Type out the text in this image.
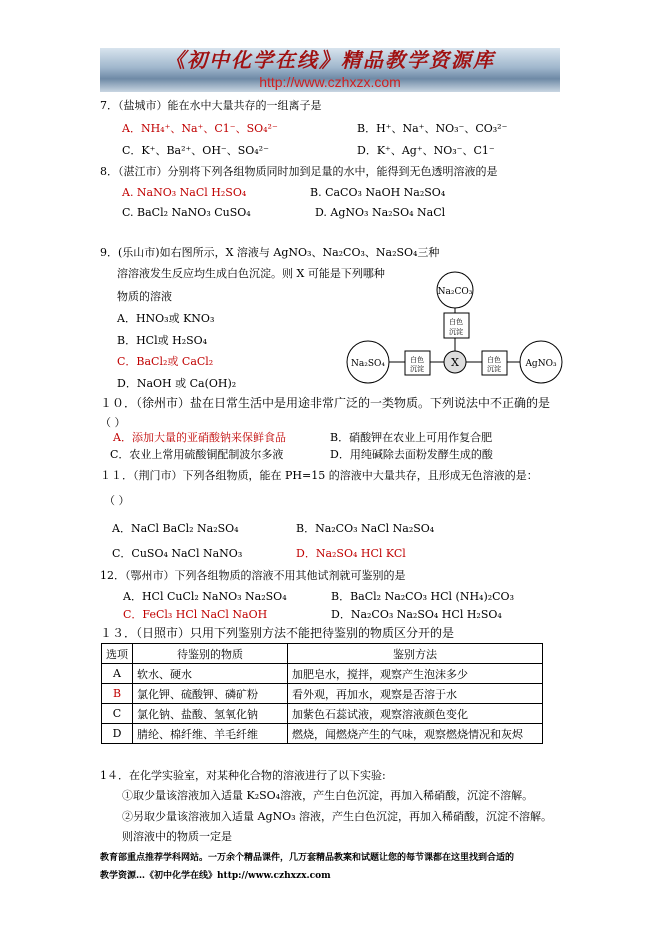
《初中化学在线》精品教学资源库
http://www.czhxzx.com
7．（盐城市）能在水中大量共存的一组离子是
A．NH₄⁺、Na⁺、C1⁻、SO₄²⁻	B．H⁺、Na⁺、NO₃⁻、CO₃²⁻
C．K⁺、Ba²⁺、OH⁻、SO₄²⁻	D．K⁺、Ag⁺、NO₃⁻、C1⁻
8．（湛江市）分别将下列各组物质同时加到足量的水中，能得到无色透明溶液的是
A. NaNO₃ NaCl H₂SO₄	B. CaCO₃ NaOH Na₂SO₄
C. BaCl₂ NaNO₃ CuSO₄	D. AgNO₃ Na₂SO₄ NaCl
9．(乐山市)如右图所示，X 溶液与 AgNO₃、Na₂CO₃、Na₂SO₄三种
溶溶液发生反应均生成白色沉淀。则 X 可能是下列哪种
物质的溶液
A．HNO₃或 KNO₃
B．HCl或 H₂SO₄
C．BaCl₂或 CaCl₂
D．NaOH 或 Ca(OH)₂
Na₂CO₃
Na₂SO₄	AgNO₃
X
白色
沉淀
白色
沉淀
白色
沉淀
１０．（徐州市）盐在日常生活中是用途非常广泛的一类物质。下列说法中不正确的是
（ ）
A．添加大量的亚硝酸钠来保鲜食品	B．硝酸钾在农业上可用作复合肥
C．农业上常用硫酸铜配制波尔多液	D．用纯碱除去面粉发酵生成的酸
１１．（荆门市）下列各组物质，能在 PH=15 的溶液中大量共存，且形成无色溶液的是：
（ ）
A．NaCl BaCl₂ Na₂SO₄	B．Na₂CO₃ NaCl Na₂SO₄
C．CuSO₄ NaCl NaNO₃	D．Na₂SO₄ HCl KCl
12．（鄂州市）下列各组物质的溶液不用其他试剂就可鉴别的是
A．HCl CuCl₂ NaNO₃ Na₂SO₄	B．BaCl₂ Na₂CO₃ HCl (NH₄)₂CO₃
C．FeCl₃ HCl NaCl NaOH	D．Na₂CO₃ Na₂SO₄ HCl H₂SO₄
１３．（日照市）只用下列鉴别方法不能把待鉴别的物质区分开的是
选项	待鉴别的物质	鉴别方法
A	软水、硬水	加肥皂水，搅拌，观察产生泡沫多少
B	氯化钾、硫酸钾、磷矿粉	看外观，再加水，观察是否溶于水
C	氯化钠、盐酸、氢氧化钠	加紫色石蕊试液，观察溶液颜色变化
D	腈纶、棉纤维、羊毛纤维	燃烧，闻燃烧产生的气味，观察燃烧情况和灰烬
1４．在化学实验室，对某种化合物的溶液进行了以下实验:
①取少量该溶液加入适量 K₂SO₄溶液，产生白色沉淀，再加入稀硝酸，沉淀不溶解。
②另取少量该溶液加入适量 AgNO₃ 溶液，产生白色沉淀，再加入稀硝酸，沉淀不溶解。
则溶液中的物质一定是
教育部重点推荐学科网站。一万余个精品课件，几万套精品教案和试题让您的每节课都在这里找到合适的
教学资源…《初中化学在线》http://www.czhxzx.com
